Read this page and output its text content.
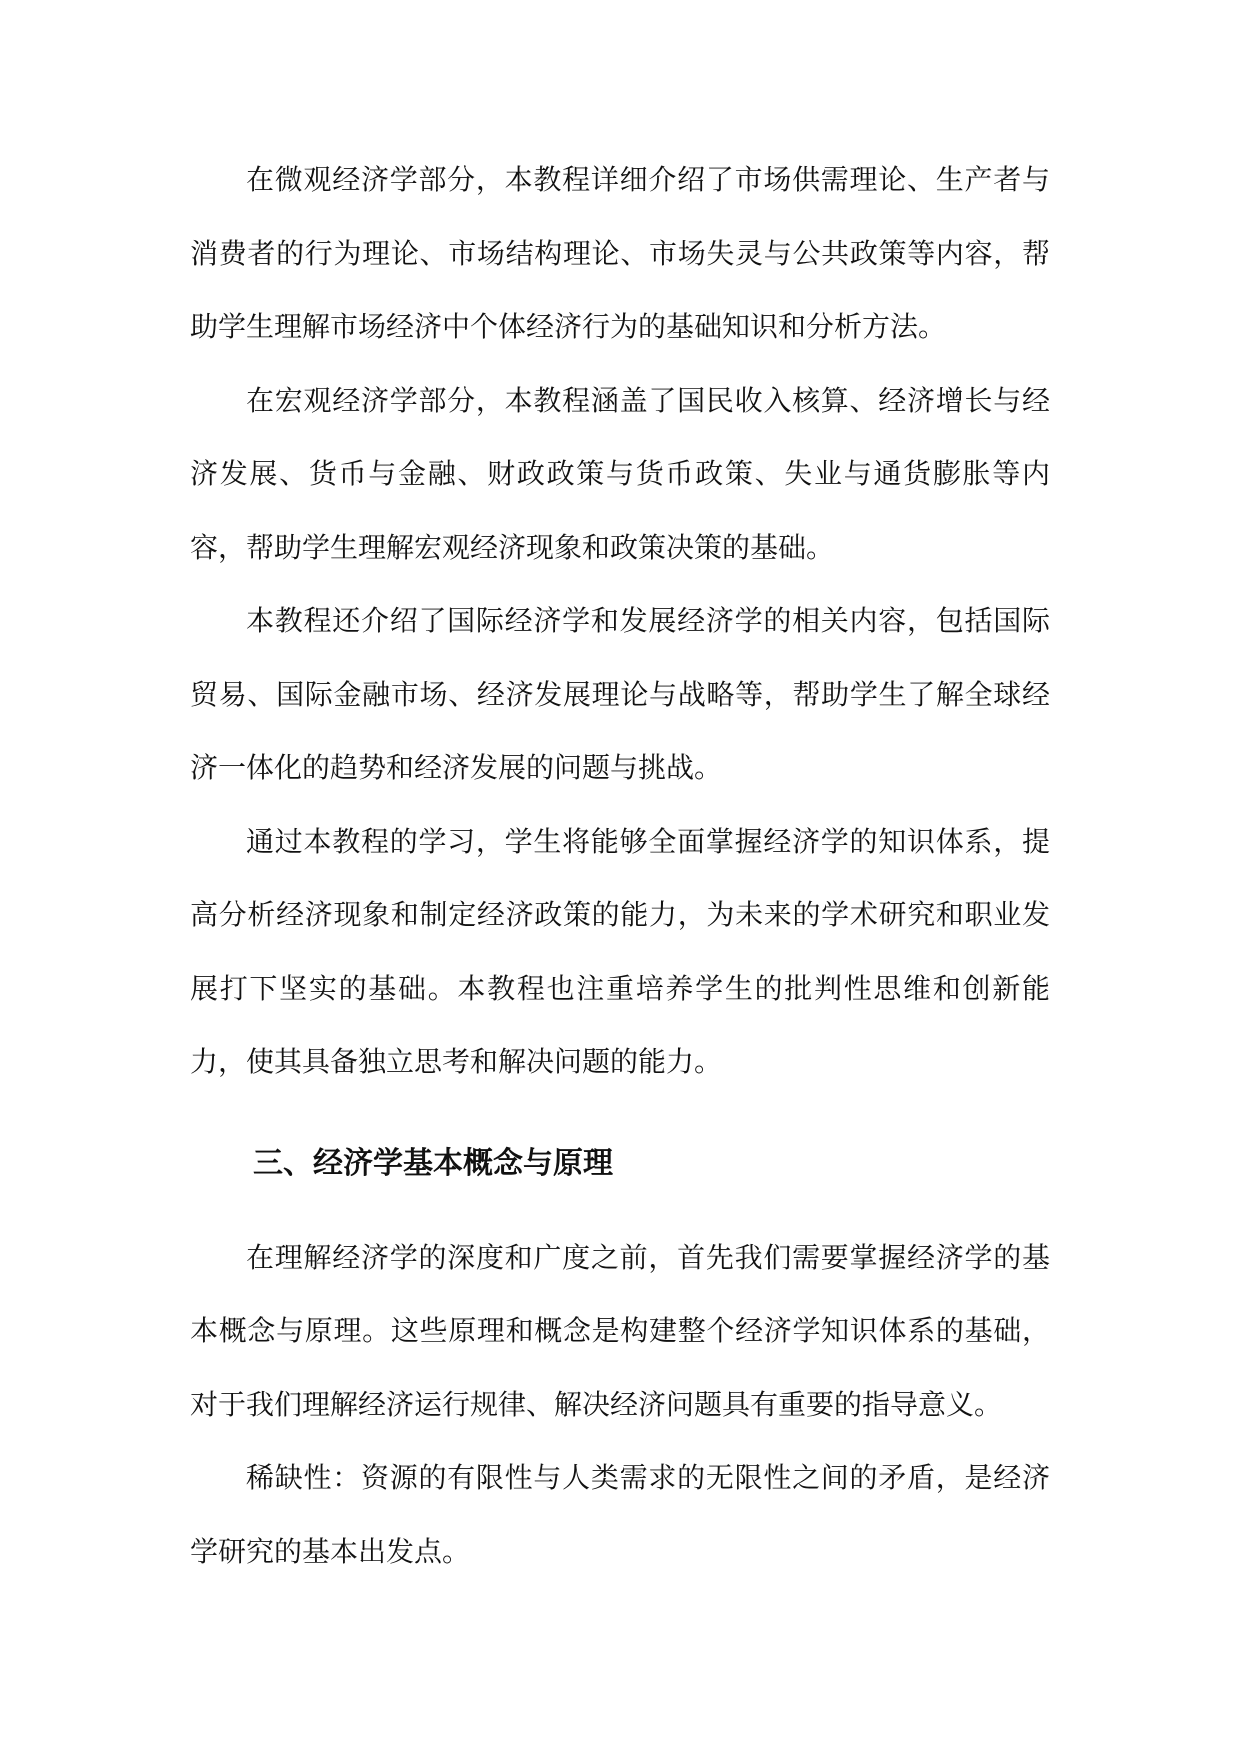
在微观经济学部分，本教程详细介绍了市场供需理论、生产者与消费者的行为理论、市场结构理论、市场失灵与公共政策等内容，帮助学生理解市场经济中个体经济行为的基础知识和分析方法。

在宏观经济学部分，本教程涵盖了国民收入核算、经济增长与经济发展、货币与金融、财政政策与货币政策、失业与通货膨胀等内容，帮助学生理解宏观经济现象和政策决策的基础。

本教程还介绍了国际经济学和发展经济学的相关内容，包括国际贸易、国际金融市场、经济发展理论与战略等，帮助学生了解全球经济一体化的趋势和经济发展的问题与挑战。

通过本教程的学习，学生将能够全面掌握经济学的知识体系，提高分析经济现象和制定经济政策的能力，为未来的学术研究和职业发展打下坚实的基础。本教程也注重培养学生的批判性思维和创新能力，使其具备独立思考和解决问题的能力。

三、经济学基本概念与原理

在理解经济学的深度和广度之前，首先我们需要掌握经济学的基本概念与原理。这些原理和概念是构建整个经济学知识体系的基础，对于我们理解经济运行规律、解决经济问题具有重要的指导意义。

稀缺性：资源的有限性与人类需求的无限性之间的矛盾，是经济学研究的基本出发点。
